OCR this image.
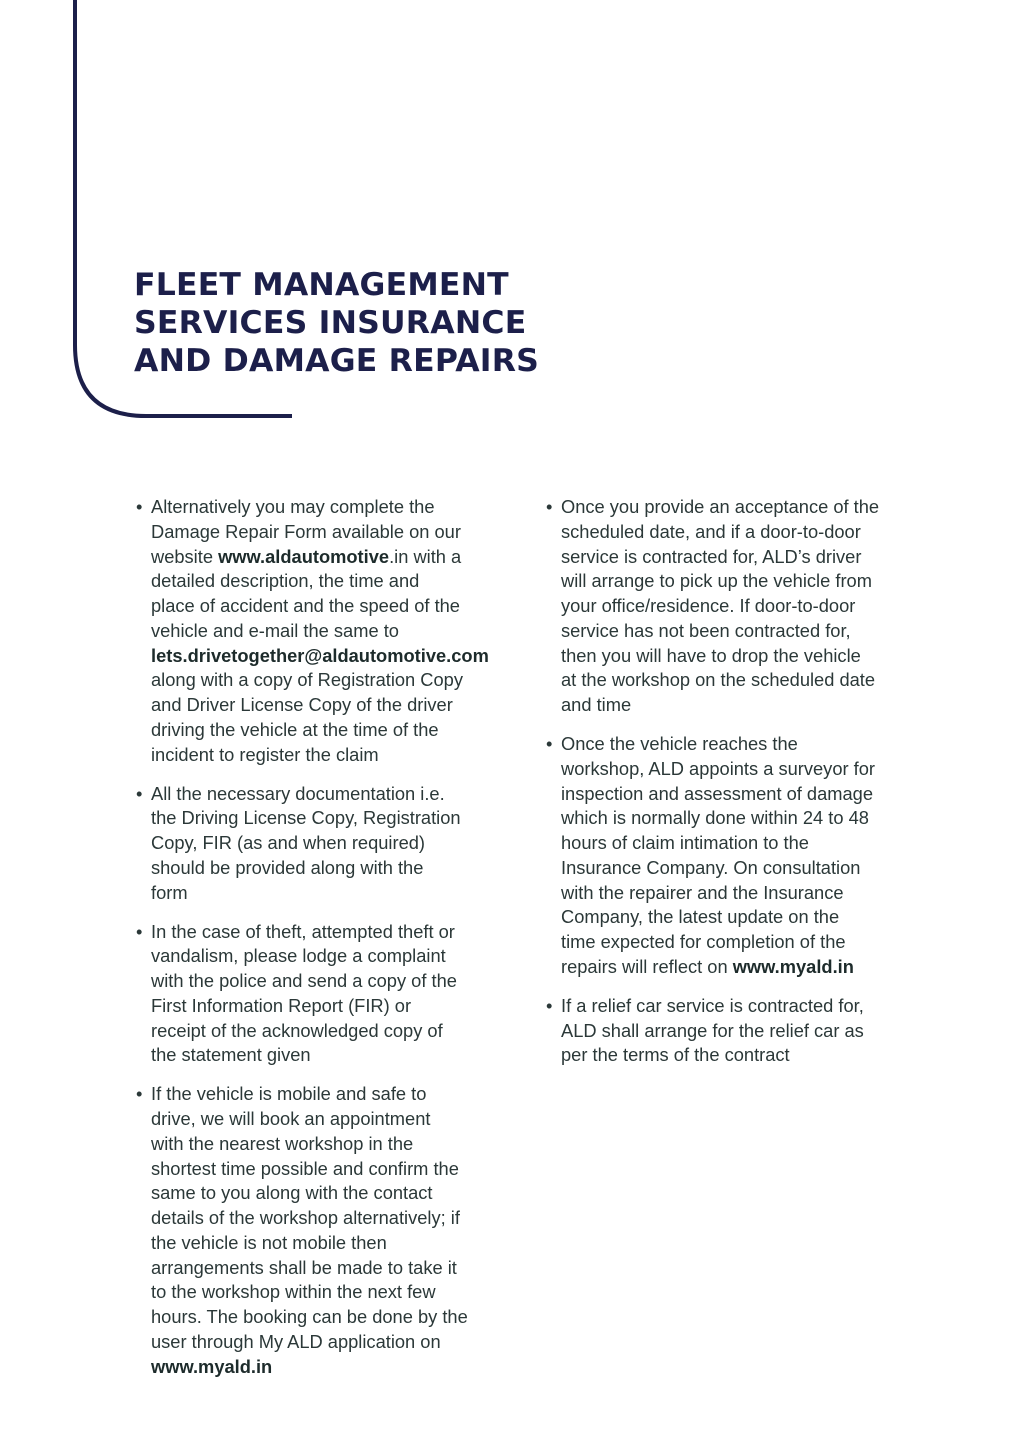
FLEET MANAGEMENT
SERVICES INSURANCE
AND DAMAGE REPAIRS
• Alternatively you may complete the
Damage Repair Form available on our
website www.aldautomotive.in with a
detailed description, the time and
place of accident and the speed of the
vehicle and e-mail the same to
lets.drivetogether@aldautomotive.com
along with a copy of Registration Copy
and Driver License Copy of the driver
driving the vehicle at the time of the
incident to register the claim
• All the necessary documentation i.e.
the Driving License Copy, Registration
Copy, FIR (as and when required)
should be provided along with the
form
• In the case of theft, attempted theft or
vandalism, please lodge a complaint
with the police and send a copy of the
First Information Report (FIR) or
receipt of the acknowledged copy of
the statement given
• If the vehicle is mobile and safe to
drive, we will book an appointment
with the nearest workshop in the
shortest time possible and confirm the
same to you along with the contact
details of the workshop alternatively; if
the vehicle is not mobile then
arrangements shall be made to take it
to the workshop within the next few
hours. The booking can be done by the
user through My ALD application on
www.myald.in
• Once you provide an acceptance of the
scheduled date, and if a door-to-door
service is contracted for, ALD’s driver
will arrange to pick up the vehicle from
your office/residence. If door-to-door
service has not been contracted for,
then you will have to drop the vehicle
at the workshop on the scheduled date
and time
• Once the vehicle reaches the
workshop, ALD appoints a surveyor for
inspection and assessment of damage
which is normally done within 24 to 48
hours of claim intimation to the
Insurance Company. On consultation
with the repairer and the Insurance
Company, the latest update on the
time expected for completion of the
repairs will reflect on www.myald.in
• If a relief car service is contracted for,
ALD shall arrange for the relief car as
per the terms of the contract
